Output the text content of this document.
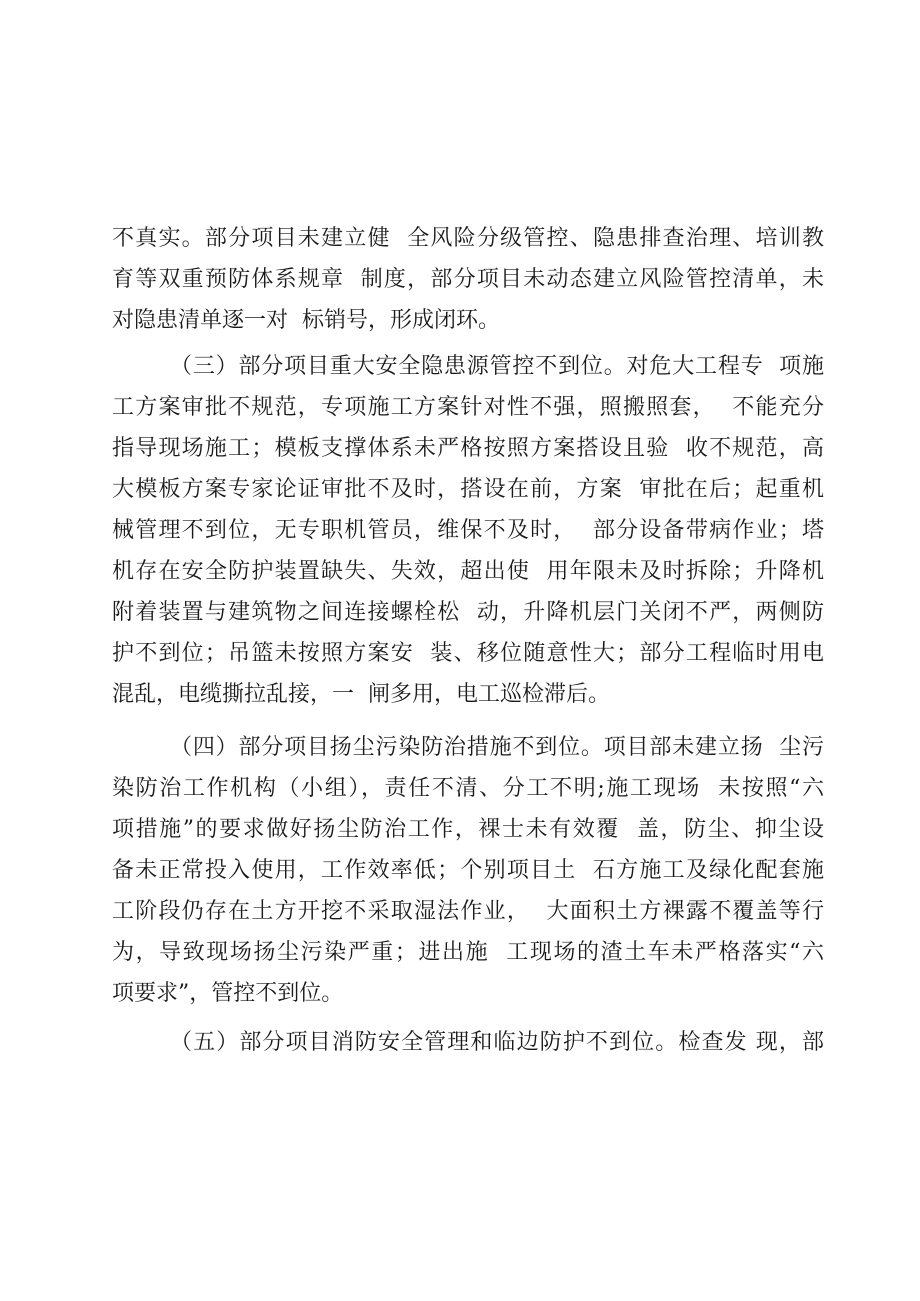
不真实。部分项目未建立健  全风险分级管控、隐患排查治理、培训教
育等双重预防体系规章  制度，部分项目未动态建立风险管控清单，未
对隐患清单逐一对  标销号，形成闭环。
（三）部分项目重大安全隐患源管控不到位。对危大工程专  项施
工方案审批不规范，专项施工方案针对性不强，照搬照套，  不能充分
指导现场施工；模板支撑体系未严格按照方案搭设且验  收不规范，高
大模板方案专家论证审批不及时，搭设在前，方案  审批在后；起重机
械管理不到位，无专职机管员，维保不及时，  部分设备带病作业；塔
机存在安全防护装置缺失、失效，超出使  用年限未及时拆除；升降机
附着装置与建筑物之间连接螺栓松  动，升降机层门关闭不严，两侧防
护不到位；吊篮未按照方案安  装、移位随意性大；部分工程临时用电
混乱，电缆撕拉乱接，一  闸多用，电工巡检滞后。
（四）部分项目扬尘污染防治措施不到位。项目部未建立扬  尘污
染防治工作机构（小组），责任不清、分工不明;施工现场  未按照“六
项措施”的要求做好扬尘防治工作，裸士未有效覆  盖，防尘、抑尘设
备未正常投入使用，工作效率低；个别项目土  石方施工及绿化配套施
工阶段仍存在土方开挖不采取湿法作业，  大面积土方裸露不覆盖等行
为，导致现场扬尘污染严重；进出施  工现场的渣土车未严格落实“六
项要求”，管控不到位。
（五）部分项目消防安全管理和临边防护不到位。检查发 现，部
